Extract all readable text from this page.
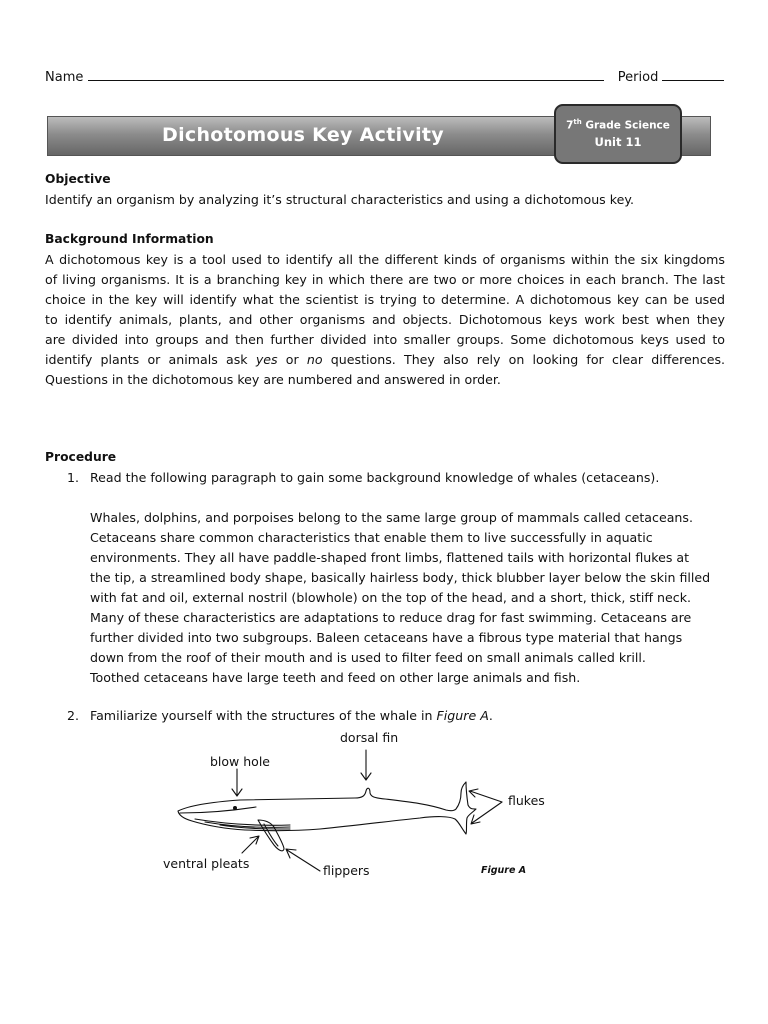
Name	Period
Dichotomous Key Activity	7th Grade Science
Unit 11
Objective
Identify an organism by analyzing it’s structural characteristics and using a dichotomous key.
Background Information
A dichotomous key is a tool used to identify all the different kinds of organisms within the six kingdoms
of living organisms. It is a branching key in which there are two or more choices in each branch. The last
choice in the key will identify what the scientist is trying to determine. A dichotomous key can be used
to identify animals, plants, and other organisms and objects. Dichotomous keys work best when they
are divided into groups and then further divided into smaller groups. Some dichotomous keys used to
identify plants or animals ask yes or no questions. They also rely on looking for clear differences.
Questions in the dichotomous key are numbered and answered in order.
Procedure
1. Read the following paragraph to gain some background knowledge of whales (cetaceans).
Whales, dolphins, and porpoises belong to the same large group of mammals called cetaceans.
Cetaceans share common characteristics that enable them to live successfully in aquatic
environments. They all have paddle-shaped front limbs, flattened tails with horizontal flukes at
the tip, a streamlined body shape, basically hairless body, thick blubber layer below the skin filled
with fat and oil, external nostril (blowhole) on the top of the head, and a short, thick, stiff neck.
Many of these characteristics are adaptations to reduce drag for fast swimming. Cetaceans are
further divided into two subgroups. Baleen cetaceans have a fibrous type material that hangs
down from the roof of their mouth and is used to filter feed on small animals called krill.
Toothed cetaceans have large teeth and feed on other large animals and fish.
2. Familiarize yourself with the structures of the whale in Figure A.
dorsal fin
blow hole
flukes
ventral pleats	flippers	Figure A
